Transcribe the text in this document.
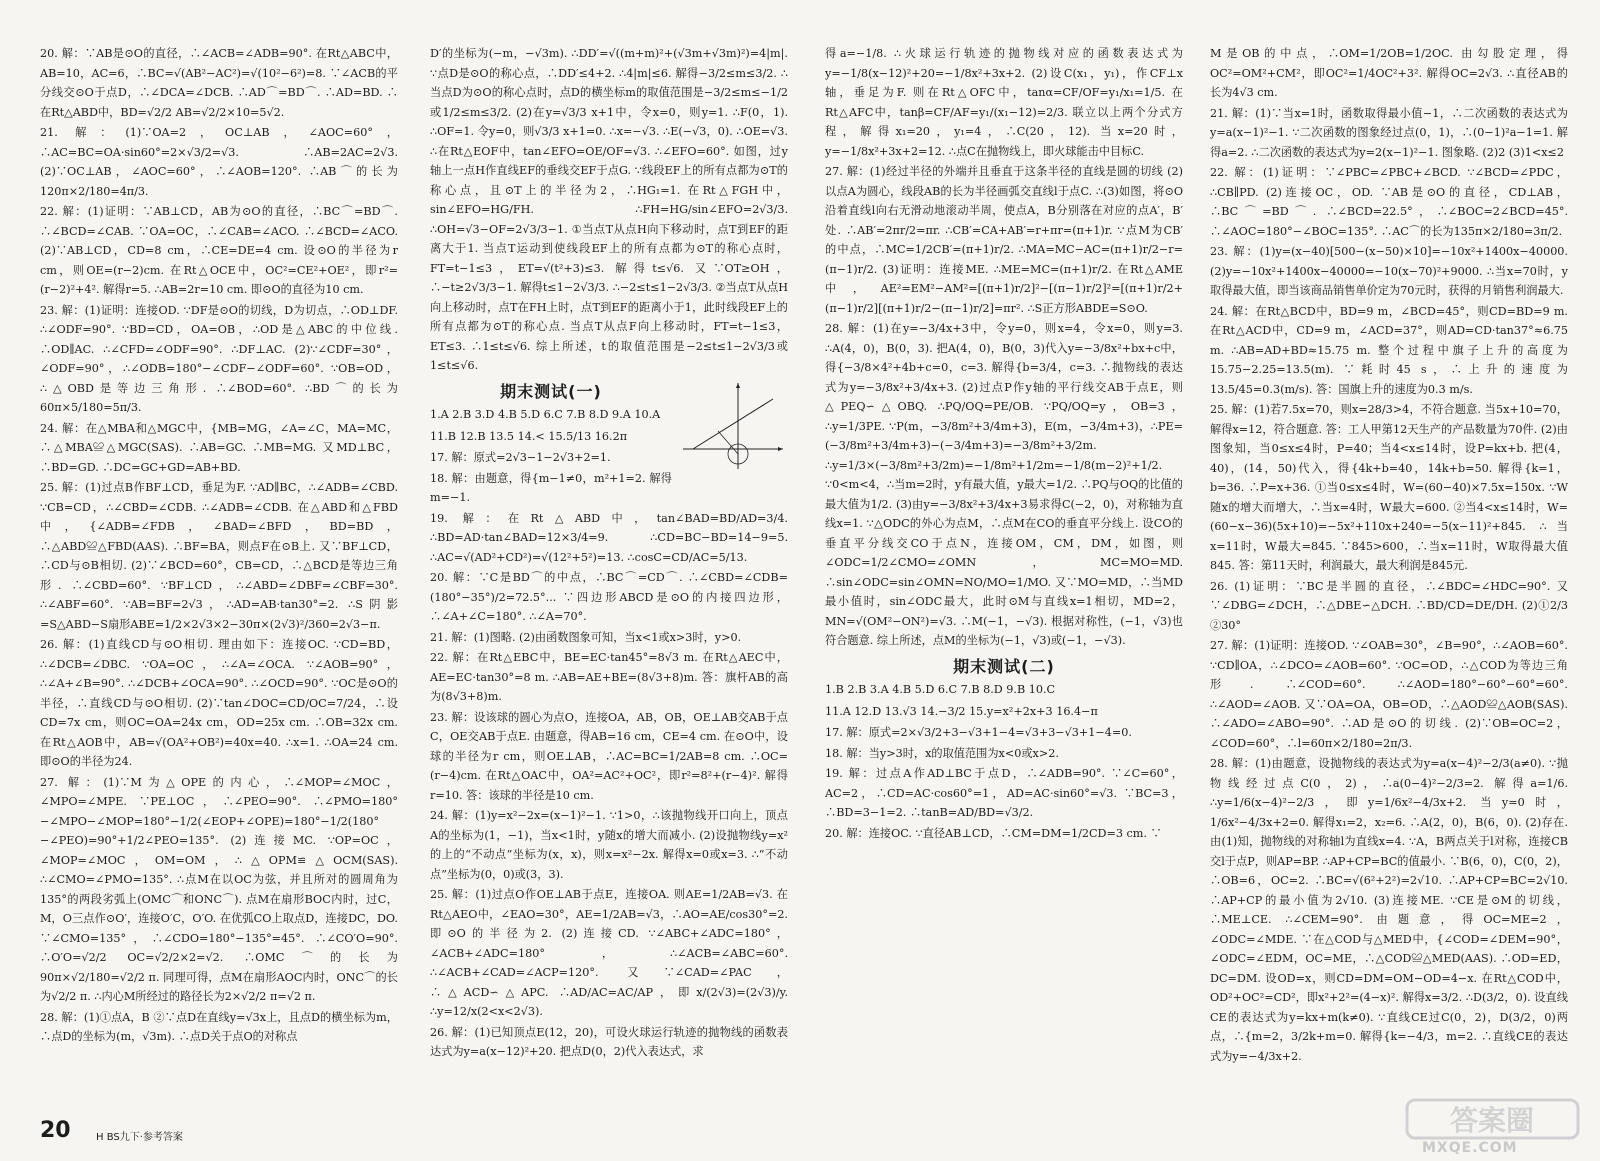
20. 解：∵AB是⊙O的直径，∴∠ACB=∠ADB=90°. 在Rt△ABC中，AB=10，AC=6，∴BC=√(AB²−AC²)=√(10²−6²)=8. ∵∠ACB的平分线交⊙O于点D，∴∠DCA=∠DCB. ∴AD⌒=BD⌒. ∴AD=BD. ∴在Rt△ABD中，BD=√2/2 AB=√2/2×10=5√2.

21. 解：(1)∵OA=2，OC⊥AB，∠AOC=60°，∴AC=BC=OA·sin60°=2×√3/2=√3. ∴AB=2AC=2√3. (2)∵OC⊥AB，∠AOC=60°，∴∠AOB=120°. ∴AB⌒的长为120π×2/180=4π/3.

22. 解：(1)证明：∵AB⊥CD，AB为⊙O的直径，∴BC⌒=BD⌒. ∴∠BCD=∠CAB. ∵OA=OC，∴∠CAB=∠ACO. ∴∠BCD=∠ACO. (2)∵AB⊥CD，CD=8 cm，∴CE=DE=4 cm. 设⊙O的半径为r cm，则OE=(r−2)cm. 在Rt△OCE中，OC²=CE²+OE²，即r²=(r−2)²+4². 解得r=5. ∴AB=2r=10 cm. 即⊙O的直径为10 cm.

23. 解：(1)证明：连接OD. ∵DF是⊙O的切线，D为切点，∴OD⊥DF. ∴∠ODF=90°. ∵BD=CD，OA=OB，∴OD是△ABC的中位线. ∴OD∥AC. ∴∠CFD=∠ODF=90°. ∴DF⊥AC. (2)∵∠CDF=30°，∠ODF=90°，∴∠ODB=180°−∠CDF−∠ODF=60°. ∵OB=OD，∴△OBD是等边三角形. ∴∠BOD=60°. ∴BD⌒的长为60π×5/180=5π/3.

24. 解：在△MBA和△MGC中，{MB=MG，∠A=∠C，MA=MC，∴△MBA≌△MGC(SAS). ∴AB=GC. ∴MB=MG. 又MD⊥BC，∴BD=GD. ∴DC=GC+GD=AB+BD.

25. 解：(1)过点B作BF⊥CD，垂足为F. ∵AD∥BC，∴∠ADB=∠CBD. ∵CB=CD，∴∠CBD=∠CDB. ∴∠ADB=∠CDB. 在△ABD和△FBD中，{∠ADB=∠FDB，∠BAD=∠BFD，BD=BD，∴△ABD≌△FBD(AAS). ∴BF=BA，则点F在⊙B上. 又∵BF⊥CD，∴CD与⊙B相切. (2)∵∠BCD=60°，CB=CD，∴△BCD是等边三角形. ∴∠CBD=60°. ∵BF⊥CD，∴∠ABD=∠DBF=∠CBF=30°. ∴∠ABF=60°. ∵AB=BF=2√3，∴AD=AB·tan30°=2. ∴S阴影=S△ABD−S扇形ABE=1/2×2√3×2−30π×(2√3)²/360=2√3−π.

26. 解：(1)直线CD与⊙O相切. 理由如下：连接OC. ∵CD=BD，∴∠DCB=∠DBC. ∵OA=OC，∴∠A=∠OCA. ∵∠AOB=90°，∴∠A+∠B=90°. ∴∠DCB+∠OCA=90°. ∴∠OCD=90°. ∵OC是⊙O的半径，∴直线CD与⊙O相切. (2)∵tan∠DOC=CD/OC=7/24，∴设CD=7x cm，则OC=OA=24x cm，OD=25x cm. ∴OB=32x cm. 在Rt△AOB中，AB=√(OA²+OB²)=40x=40. ∴x=1. ∴OA=24 cm. 即⊙O的半径为24.

27. 解：(1)∵M为△OPE的内心，∴∠MOP=∠MOC，∠MPO=∠MPE. ∵PE⊥OC，∴∠PEO=90°. ∴∠PMO=180°−∠MPO−∠MOP=180°−1/2(∠EOP+∠OPE)=180°−1/2(180°−∠PEO)=90°+1/2∠PEO=135°. (2)连接MC. ∵OP=OC，∠MOP=∠MOC，OM=OM，∴△OPM≌△OCM(SAS). ∴∠CMO=∠PMO=135°. ∴点M在以OC为弦，并且所对的圆周角为135°的两段劣弧上(OMC⌒和ONC⌒). 点M在扇形BOC内时，过C，M，O三点作⊙O′，连接O′C，O′O. 在优弧CO上取点D，连接DC，DO. ∵∠CMO=135°，∴∠CDO=180°−135°=45°. ∴∠CO′O=90°. ∴O′O=√2/2 OC=√2/2×2=√2. ∴OMC⌒的长为90π×√2/180=√2/2 π. 同理可得，点M在扇形AOC内时，ONC⌒的长为√2/2 π. ∴内心M所经过的路径长为2×√2/2 π=√2 π.

28. 解：(1)①点A，B ②∵点D在直线y=√3x上，且点D的横坐标为m，∴点D的坐标为(m，√3m). ∴点D关于点O的对称点

D′的坐标为(−m，−√3m). ∴DD′=√((m+m)²+(√3m+√3m)²)=4|m|. ∵点D是⊙O的称心点，∴DD′≤4+2. ∴4|m|≤6. 解得−3/2≤m≤3/2. ∴当点D为⊙O的称心点时，点D的横坐标m的取值范围是−3/2≤m≤−1/2或1/2≤m≤3/2. (2)在y=√3/3 x+1中，令x=0，则y=1. ∴F(0，1). ∴OF=1. 令y=0，则√3/3 x+1=0. ∴x=−√3. ∴E(−√3，0). ∴OE=√3. ∴在Rt△EOF中，tan∠EFO=OE/OF=√3. ∴∠EFO=60°. 如图，过y轴上一点H作直线EF的垂线交EF于点G. ∵线段EF上的所有点都为⊙T的称心点，且⊙T上的半径为2，∴HG₁=1. 在Rt△FGH中，sin∠EFO=HG/FH. ∴FH=HG/sin∠EFO=2√3/3. ∴OH=√3−OF=2√3/3−1. ①当点T从点H向下移动时，点T到EF的距离大于1. 当点T运动到使线段EF上的所有点都为⊙T的称心点时，FT=t−1≤3，ET=√(t²+3)≤3. 解得t≤√6. 又∵OT≥OH，∴−t≥2√3/3−1. 解得t≤1−2√3/3. ∴−2≤t≤1−2√3/3. ②当点T从点H向上移动时，点T在FH上时，点T到EF的距离小于1，此时线段EF上的所有点都为⊙T的称心点. 当点T从点F向上移动时，FT=t−1≤3，ET≤3. ∴1≤t≤√6. 综上所述，t的取值范围是−2≤t≤1−2√3/3或1≤t≤√6.

期末测试(一)
1.A 2.B 3.D 4.B 5.D 6.C 7.B 8.D 9.A 10.A
11.B 12.B 13.5 14.< 15.5/13 16.2π

17. 解：原式=2√3−1−2√3+2=1.

18. 解：由题意，得{m−1≠0，m²+1=2. 解得m=−1.

19. 解：在Rt△ABD中，tan∠BAD=BD/AD=3/4. ∴BD=AD·tan∠BAD=12×3/4=9. ∴CD=BC−BD=14−9=5. ∴AC=√(AD²+CD²)=√(12²+5²)=13. ∴cosC=CD/AC=5/13.

20. 解：∵C是BD⌒的中点，∴BC⌒=CD⌒. ∴∠CBD=∠CDB=(180°−35°)/2=72.5°... ∵四边形ABCD是⊙O的内接四边形，∴∠A+∠C=180°. ∴∠A=70°.

21. 解：(1)图略. (2)由函数图象可知，当x<1或x>3时，y>0.

22. 解：在Rt△EBC中，BE=EC·tan45°=8√3 m. 在Rt△AEC中，AE=EC·tan30°=8 m. ∴AB=AE+BE=(8√3+8)m. 答：旗杆AB的高为(8√3+8)m.

23. 解：设该球的圆心为点O，连接OA，AB，OB，OE⊥AB交AB于点C，OE交AB于点E. 由题意，得AB=16 cm，CE=4 cm. 在⊙O中，设球的半径为r cm，则OE⊥AB，∴AC=BC=1/2AB=8 cm. ∴OC=(r−4)cm. 在Rt△OAC中，OA²=AC²+OC²，即r²=8²+(r−4)². 解得r=10. 答：该球的半径是10 cm.

24. 解：(1)y=x²−2x=(x−1)²−1. ∵1>0，∴该抛物线开口向上，顶点A的坐标为(1，−1)，当x<1时，y随x的增大而减小. (2)设抛物线y=x²的上的“不动点”坐标为(x，x)，则x=x²−2x. 解得x=0或x=3. ∴“不动点”坐标为(0，0)或(3，3).

25. 解：(1)过点O作OE⊥AB于点E，连接OA. 则AE=1/2AB=√3. 在Rt△AEO中，∠EAO=30°，AE=1/2AB=√3，∴AO=AE/cos30°=2. 即⊙O的半径为2. (2)连接CD. ∵∠ABC+∠ADC=180°，∠ACB+∠ADC=180°，∴∠ACB=∠ABC=60°. ∴∠ACB+∠CAD=∠ACP=120°. 又∵∠CAD=∠PAC，∴△ACD∽△APC. ∴AD/AC=AC/AP，即x/(2√3)=(2√3)/y. ∴y=12/x(2<x<2√3).

26. 解：(1)已知顶点E(12，20)，可设火球运行轨迹的抛物线的函数表达式为y=a(x−12)²+20. 把点D(0，2)代入表达式，求

得a=−1/8. ∴火球运行轨迹的抛物线对应的函数表达式为y=−1/8(x−12)²+20=−1/8x²+3x+2. (2)设C(x₁，y₁)，作CF⊥x轴，垂足为F. 则在Rt△OFC中，tanα=CF/OF=y₁/x₁=1/5. 在Rt△AFC中，tanβ=CF/AF=y₁/(x₁−12)=2/3. 联立以上两个分式方程，解得x₁=20，y₁=4，∴C(20，12). 当x=20时，y=−1/8x²+3x+2=12. ∴点C在抛物线上，即火球能击中目标C.

27. 解：(1)经过半径的外端并且垂直于这条半径的直线是圆的切线 (2)以点A为圆心，线段AB的长为半径画弧交直线l于点C. ∴(3)如图，将⊙O沿着直线l向右无滑动地滚动半周，使点A，B分别落在对应的点A′，B′处. ∴AB′=2πr/2=πr. ∴CB′=CA+AB′=r+πr=(π+1)r. ∵点M为CB′的中点，∴MC=1/2CB′=(π+1)r/2. ∴MA=MC−AC=(π+1)r/2−r=(π−1)r/2. (3)证明：连接ME. ∴ME=MC=(π+1)r/2. 在Rt△AME中，AE²=EM²−AM²=[(π+1)r/2]²−[(π−1)r/2]²=[(π+1)r/2+(π−1)r/2][(π+1)r/2−(π−1)r/2]=πr². ∴S正方形ABDE=S⊙O.

28. 解：(1)在y=−3/4x+3中，令y=0，则x=4，令x=0，则y=3. ∴A(4，0)，B(0，3). 把A(4，0)，B(0，3)代入y=−3/8x²+bx+c中，得{−3/8×4²+4b+c=0，c=3. 解得{b=3/4，c=3. ∴抛物线的表达式为y=−3/8x²+3/4x+3. (2)过点P作y轴的平行线交AB于点E，则△PEQ∽△OBQ. ∴PQ/OQ=PE/OB. ∵PQ/OQ=y，OB=3，∴y=1/3PE. ∵P(m，−3/8m²+3/4m+3)，E(m，−3/4m+3)，∴PE=(−3/8m²+3/4m+3)−(−3/4m+3)=−3/8m²+3/2m. ∴y=1/3×(−3/8m²+3/2m)=−1/8m²+1/2m=−1/8(m−2)²+1/2. ∵0<m<4，∴当m=2时，y有最大值，y最大=1/2. ∴PQ与OQ的比值的最大值为1/2. (3)由y=−3/8x²+3/4x+3易求得C(−2，0)，对称轴为直线x=1. ∵△ODC的外心为点M，∴点M在CO的垂直平分线上. 设CO的垂直平分线交CO于点N，连接OM，CM，DM，如图，则∠ODC=1/2∠CMO=∠OMN，MC=MO=MD. ∴sin∠ODC=sin∠OMN=NO/MO=1/MO. 又∵MO=MD，∴当MD最小值时，sin∠ODC最大，此时⊙M与直线x=1相切，MD=2，MN=√(OM²−ON²)=√3. ∴M(−1，−√3). 根据对称性，(−1，√3)也符合题意. 综上所述，点M的坐标为(−1，√3)或(−1，−√3).

期末测试(二)
1.B 2.B 3.A 4.B 5.D 6.C 7.B 8.D 9.B 10.C
11.A 12.D 13.√3 14.−3/2 15.y=x²+2x+3 16.4−π

17. 解：原式=2×√3/2+3−√3+1−4=√3+3−√3+1−4=0.

18. 解：当y>3时，x的取值范围为x<0或x>2.

19. 解：过点A作AD⊥BC于点D，∴∠ADB=90°. ∵∠C=60°，AC=2，∴CD=AC·cos60°=1，AD=AC·sin60°=√3. ∵BC=3，∴BD=3−1=2. ∴tanB=AD/BD=√3/2.

20. 解：连接OC. ∵直径AB⊥CD，∴CM=DM=1/2CD=3 cm. ∵

M是OB的中点，∴OM=1/2OB=1/2OC. 由勾股定理，得OC²=OM²+CM²，即OC²=1/4OC²+3². 解得OC=2√3. ∴直径AB的长为4√3 cm.

21. 解：(1)∵当x=1时，函数取得最小值−1，∴二次函数的表达式为y=a(x−1)²−1. ∵二次函数的图象经过点(0，1)，∴(0−1)²a−1=1. 解得a=2. ∴二次函数的表达式为y=2(x−1)²−1. 图象略. (2)2 (3)1<x≤2

22. 解：(1)证明：∵∠PBC=∠PBC+∠BCD. ∵∠BCD=∠PDC，∴CB∥PD. (2)连接OC，OD. ∵AB是⊙O的直径，CD⊥AB，∴BC⌒=BD⌒. ∴∠BCD=22.5°，∴∠BOC=2∠BCD=45°. ∴∠AOC=180°−∠BOC=135°. ∴AC⌒的长为135π×2/180=3π/2.

23. 解：(1)y=(x−40)[500−(x−50)×10]=−10x²+1400x−40000. (2)y=−10x²+1400x−40000=−10(x−70)²+9000. ∴当x=70时，y取得最大值，即当该商品销售单价定为70元时，获得的月销售利润最大.

24. 解：在Rt△BCD中，BD=9 m，∠BCD=45°，则CD=BD=9 m. 在Rt△ACD中，CD=9 m，∠ACD=37°，则AD=CD·tan37°≈6.75 m. ∴AB=AD+BD≈15.75 m. 整个过程中旗子上升的高度为15.75−2.25=13.5(m). ∵耗时45 s，∴上升的速度为13.5/45=0.3(m/s). 答：国旗上升的速度为0.3 m/s.

25. 解：(1)若7.5x=70，则x=28/3>4，不符合题意. 当5x+10=70，解得x=12，符合题意. 答：工人甲第12天生产的产品数量为70件. (2)由图象知，当0≤x≤4时，P=40；当4<x≤14时，设P=kx+b. 把(4，40)，(14，50)代入，得{4k+b=40，14k+b=50. 解得{k=1，b=36. ∴P=x+36. ①当0≤x≤4时，W=(60−40)×7.5x=150x. ∵W随x的增大而增大，∴当x=4时，W最大=600. ②当4<x≤14时，W=(60−x−36)(5x+10)=−5x²+110x+240=−5(x−11)²+845. ∴当x=11时，W最大=845. ∵845>600，∴当x=11时，W取得最大值845. 答：第11天时，利润最大，最大利润是845元.

26. (1)证明：∵BC是半圆的直径，∴∠BDC=∠HDC=90°. 又∵∠DBG=∠DCH，∴△DBE∽△DCH. ∴BD/CD=DE/DH. (2)①2/3 ②30°

27. 解：(1)证明：连接OD. ∵∠OAB=30°，∠B=90°，∴∠AOB=60°. ∵CD∥OA，∴∠DCO=∠AOB=60°. ∵OC=OD，∴△COD为等边三角形. ∴∠COD=60°. ∴∠AOD=180°−60°−60°=60°. ∴∠AOD=∠AOB. 又∵OA=OA，OB=OD，∴△AOD≌△AOB(SAS). ∴∠ADO=∠ABO=90°. ∴AD是⊙O的切线. (2)∵OB=OC=2，∠COD=60°，∴l=60π×2/180=2π/3.

28. 解：(1)由题意，设抛物线的表达式为y=a(x−4)²−2/3(a≠0). ∵抛物线经过点C(0，2)，∴a(0−4)²−2/3=2. 解得a=1/6. ∴y=1/6(x−4)²−2/3，即y=1/6x²−4/3x+2. 当y=0时，1/6x²−4/3x+2=0. 解得x₁=2，x₂=6. ∴A(2，0)，B(6，0). (2)存在. 由(1)知，抛物线的对称轴l为直线x=4. ∵A，B两点关于l对称，连接CB交l于点P，则AP=BP. ∴AP+CP=BC的值最小. ∵B(6，0)，C(0，2)，∴OB=6，OC=2. ∴BC=√(6²+2²)=2√10. ∴AP+CP=BC=2√10. ∴AP+CP的最小值为2√10. (3)连接ME. ∵CE是⊙M的切线，∴ME⊥CE. ∴∠CEM=90°. 由题意，得OC=ME=2，∠ODC=∠MDE. ∵在△COD与△MED中，{∠COD=∠DEM=90°，∠ODC=∠EDM，OC=ME，∴△COD≌△MED(AAS). ∴OD=ED，DC=DM. 设OD=x，则CD=DM=OM−OD=4−x. 在Rt△COD中，OD²+OC²=CD²，即x²+2²=(4−x)². 解得x=3/2. ∴D(3/2，0). 设直线CE的表达式为y=kx+m(k≠0). ∵直线CE过C(0，2)，D(3/2，0)两点，∴{m=2，3/2k+m=0. 解得{k=−4/3，m=2. ∴直线CE的表达式为y=−4/3x+2.

20	H BS九下·参考答案
答案圈
MXQE.COM
